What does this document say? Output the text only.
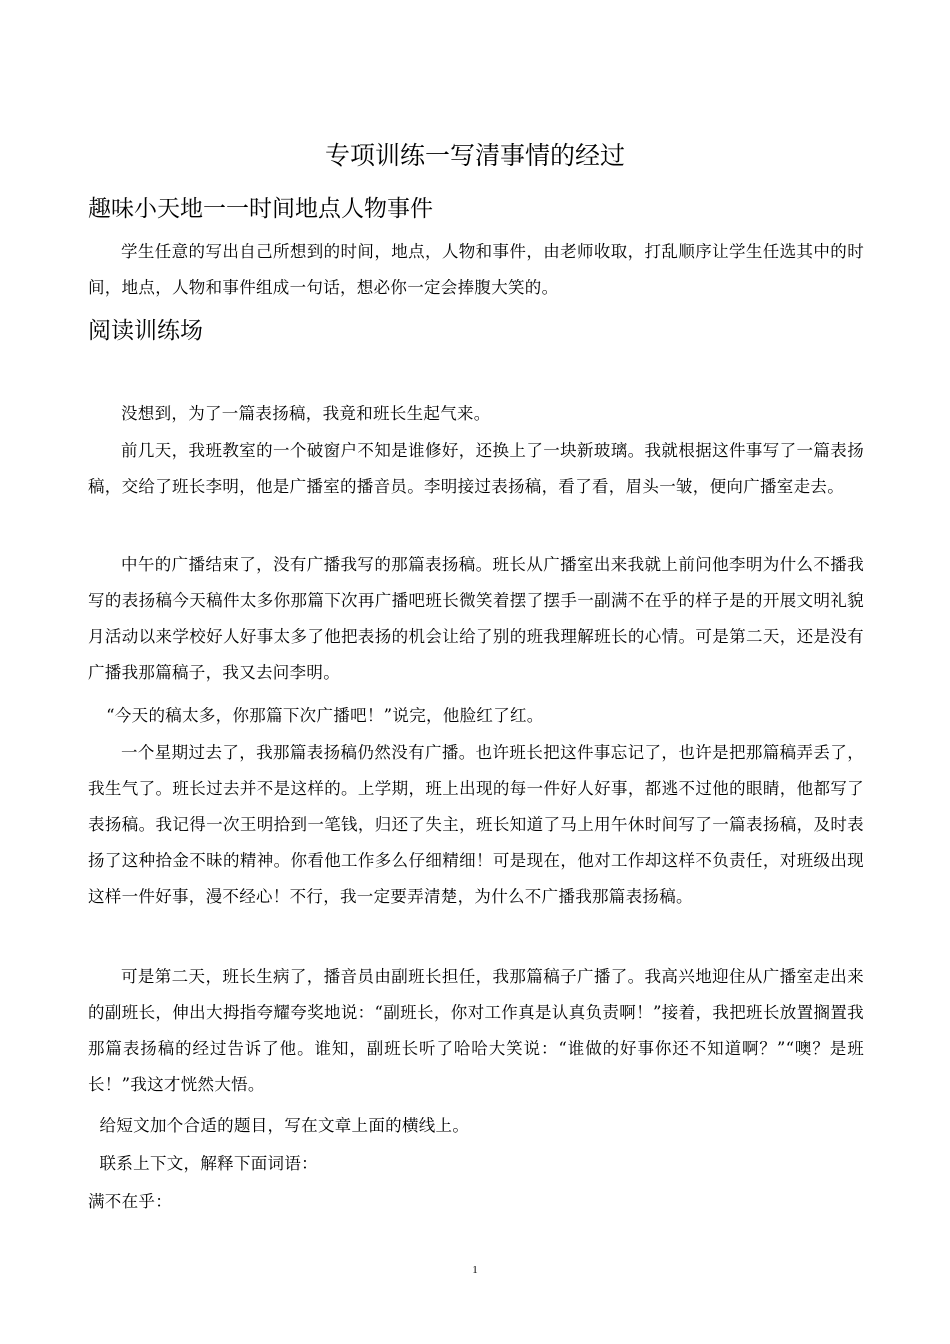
专项训练一写清事情的经过
趣味小天地一一时间地点人物事件

学生任意的写出自己所想到的时间，地点，人物和事件，由老师收取，打乱顺序让学生任选其中的时间，地点，人物和事件组成一句话，想必你一定会捧腹大笑的。

阅读训练场

没想到，为了一篇表扬稿，我竟和班长生起气来。

前几天，我班教室的一个破窗户不知是谁修好，还换上了一块新玻璃。我就根据这件事写了一篇表扬稿，交给了班长李明，他是广播室的播音员。李明接过表扬稿，看了看，眉头一皱，便向广播室走去。

中午的广播结束了，没有广播我写的那篇表扬稿。班长从广播室出来我就上前问他李明为什么不播我写的表扬稿今天稿件太多你那篇下次再广播吧班长微笑着摆了摆手一副满不在乎的样子是的开展文明礼貌月活动以来学校好人好事太多了他把表扬的机会让给了别的班我理解班长的心情。可是第二天，还是没有广播我那篇稿子，我又去问李明。

“今天的稿太多，你那篇下次广播吧！”说完，他脸红了红。

一个星期过去了，我那篇表扬稿仍然没有广播。也许班长把这件事忘记了，也许是把那篇稿弄丢了，我生气了。班长过去并不是这样的。上学期，班上出现的每一件好人好事，都逃不过他的眼睛，他都写了表扬稿。我记得一次王明拾到一笔钱，归还了失主，班长知道了马上用午休时间写了一篇表扬稿，及时表扬了这种拾金不昧的精神。你看他工作多么仔细精细！可是现在，他对工作却这样不负责任，对班级出现这样一件好事，漫不经心！不行，我一定要弄清楚，为什么不广播我那篇表扬稿。

可是第二天，班长生病了，播音员由副班长担任，我那篇稿子广播了。我高兴地迎住从广播室走出来的副班长，伸出大拇指夸耀夸奖地说：“副班长，你对工作真是认真负责啊！”接着，我把班长放置搁置我那篇表扬稿的经过告诉了他。谁知，副班长听了哈哈大笑说：“谁做的好事你还不知道啊？”“噢？是班长！”我这才恍然大悟。

给短文加个合适的题目，写在文章上面的横线上。

联系上下文，解释下面词语：

满不在乎：

1
